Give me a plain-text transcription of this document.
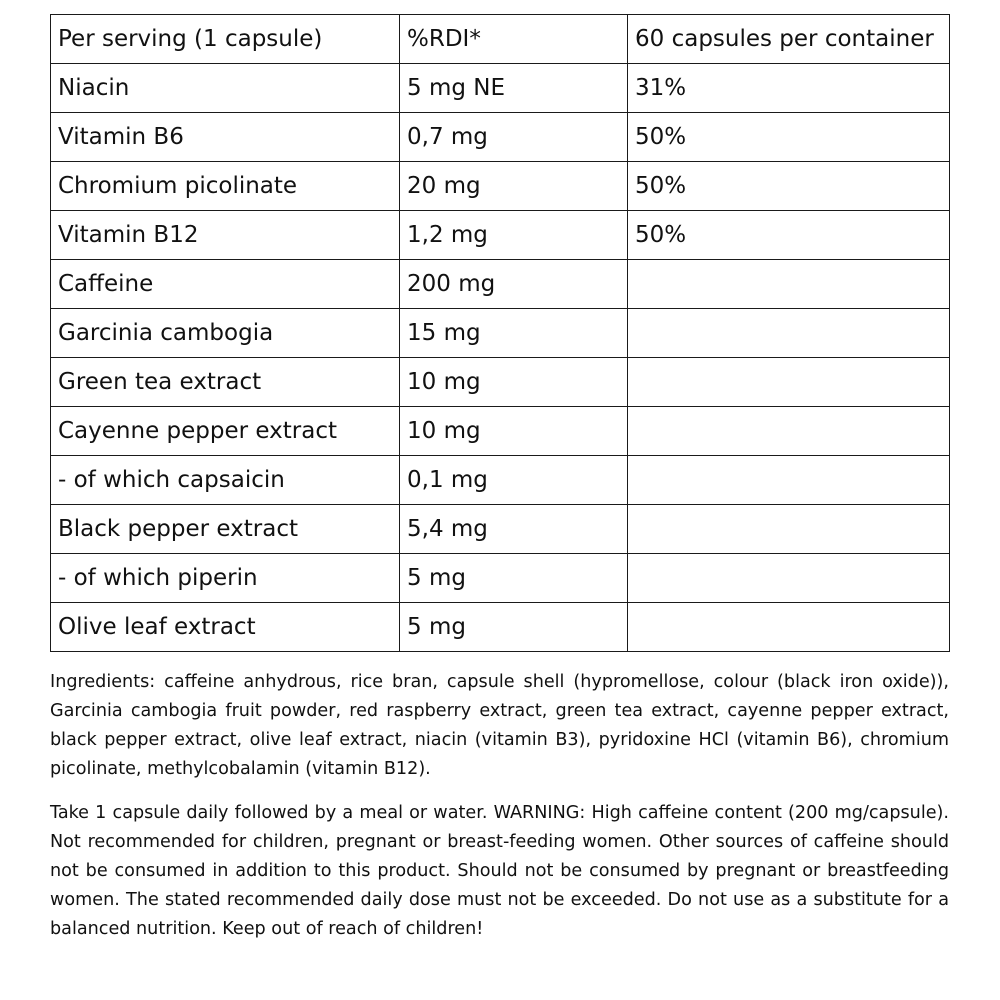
Per serving (1 capsule)	%RDI*	60 capsules per container
Niacin	5 mg NE	31%
Vitamin B6	0,7 mg	50%
Chromium picolinate	20 mg	50%
Vitamin B12	1,2 mg	50%
Caffeine	200 mg	
Garcinia cambogia	15 mg	
Green tea extract	10 mg	
Cayenne pepper extract	10 mg	
- of which capsaicin	0,1 mg	
Black pepper extract	5,4 mg	
- of which piperin	5 mg	
Olive leaf extract	5 mg	

Ingredients: caffeine anhydrous, rice bran, capsule shell (hypromellose, colour (black iron oxide)), Garcinia cambogia fruit powder, red raspberry extract, green tea extract, cayenne pepper extract, black pepper extract, olive leaf extract, niacin (vitamin B3), pyridoxine HCl (vitamin B6), chromium picolinate, methylcobalamin (vitamin B12).

Take 1 capsule daily followed by a meal or water. WARNING: High caffeine content (200 mg/capsule). Not recommended for children, pregnant or breast-feeding women. Other sources of caffeine should not be consumed in addition to this product. Should not be consumed by pregnant or breastfeeding women. The stated recommended daily dose must not be exceeded. Do not use as a substitute for a balanced nutrition. Keep out of reach of children!
